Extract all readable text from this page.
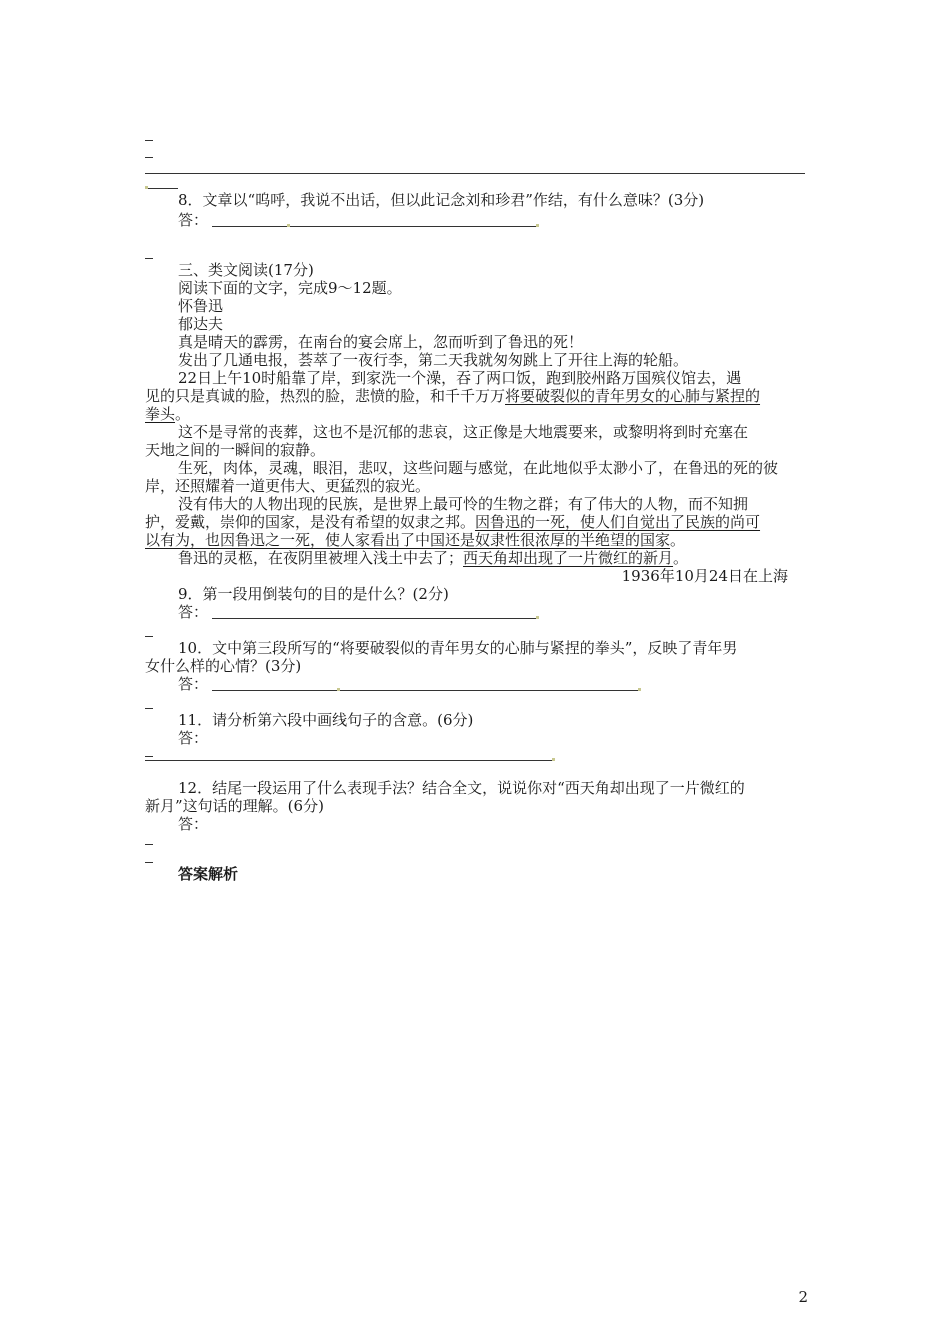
8．文章以“呜呼，我说不出话，但以此记念刘和珍君”作结，有什么意味？(3分)
答：
三、类文阅读(17分)
阅读下面的文字，完成9～12题。
怀鲁迅
郁达夫
真是晴天的霹雳，在南台的宴会席上，忽而听到了鲁迅的死！
发出了几通电报，荟萃了一夜行李，第二天我就匆匆跳上了开往上海的轮船。
22日上午10时船靠了岸，到家洗一个澡，吞了两口饭，跑到胶州路万国殡仪馆去，遇
见的只是真诚的脸，热烈的脸，悲愤的脸，和千千万万将要破裂似的青年男女的心肺与紧捏的
拳头。
这不是寻常的丧葬，这也不是沉郁的悲哀，这正像是大地震要来，或黎明将到时充塞在
天地之间的一瞬间的寂静。
生死，肉体，灵魂，眼泪，悲叹，这些问题与感觉，在此地似乎太渺小了，在鲁迅的死的彼
岸，还照耀着一道更伟大、更猛烈的寂光。
没有伟大的人物出现的民族，是世界上最可怜的生物之群；有了伟大的人物，而不知拥
护，爱戴，崇仰的国家，是没有希望的奴隶之邦。因鲁迅的一死，使人们自觉出了民族的尚可
以有为，也因鲁迅之一死，使人家看出了中国还是奴隶性很浓厚的半绝望的国家。
鲁迅的灵柩，在夜阴里被埋入浅土中去了；西天角却出现了一片微红的新月。
1936年10月24日在上海
9．第一段用倒装句的目的是什么？(2分)
答：
10．文中第三段所写的“将要破裂似的青年男女的心肺与紧捏的拳头”，反映了青年男
女什么样的心情？(3分)
答：
11．请分析第六段中画线句子的含意。(6分)
答：
12．结尾一段运用了什么表现手法？结合全文，说说你对“西天角却出现了一片微红的
新月”这句话的理解。(6分)
答：
答案解析
2
